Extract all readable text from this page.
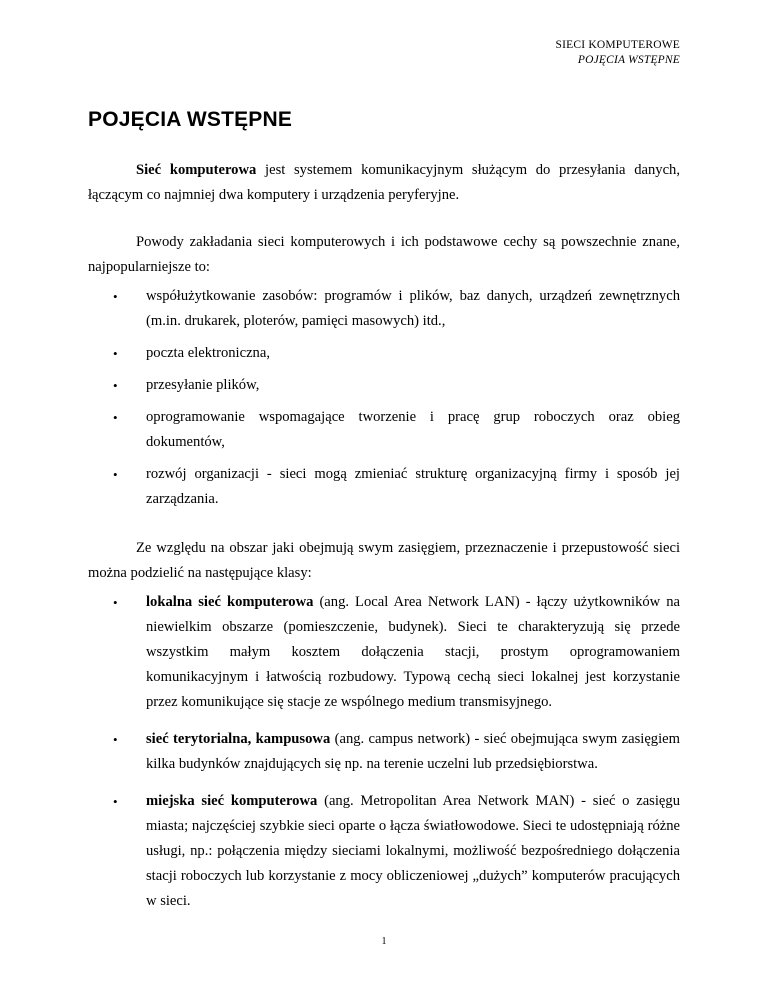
SIECI KOMPUTEROWE
POJĘCIA WSTĘPNE
POJĘCIA WSTĘPNE

Sieć komputerowa jest systemem komunikacyjnym służącym do przesyłania danych, łączącym co najmniej dwa komputery i urządzenia peryferyjne.

Powody zakładania sieci komputerowych i ich podstawowe cechy są powszechnie znane, najpopularniejsze to:

• współużytkowanie zasobów: programów i plików, baz danych, urządzeń zewnętrznych (m.in. drukarek, ploterów, pamięci masowych) itd.,
• poczta elektroniczna,
• przesyłanie plików,
• oprogramowanie wspomagające tworzenie i pracę grup roboczych oraz obieg dokumentów,
• rozwój organizacji - sieci mogą zmieniać strukturę organizacyjną firmy i sposób jej zarządzania.

Ze względu na obszar jaki obejmują swym zasięgiem, przeznaczenie i przepustowość sieci można podzielić na następujące klasy:

• lokalna sieć komputerowa (ang. Local Area Network LAN) - łączy użytkowników na niewielkim obszarze (pomieszczenie, budynek). Sieci te charakteryzują się przede wszystkim małym kosztem dołączenia stacji, prostym oprogramowaniem komunikacyjnym i łatwością rozbudowy. Typową cechą sieci lokalnej jest korzystanie przez komunikujące się stacje ze wspólnego medium transmisyjnego.
• sieć terytorialna, kampusowa (ang. campus network) - sieć obejmująca swym zasięgiem kilka budynków znajdujących się np. na terenie uczelni lub przedsiębiorstwa.
• miejska sieć komputerowa (ang. Metropolitan Area Network MAN) - sieć o zasięgu miasta; najczęściej szybkie sieci oparte o łącza światłowodowe. Sieci te udostępniają różne usługi, np.: połączenia między sieciami lokalnymi, możliwość bezpośredniego dołączenia stacji roboczych lub korzystanie z mocy obliczeniowej „dużych” komputerów pracujących w sieci.
1
